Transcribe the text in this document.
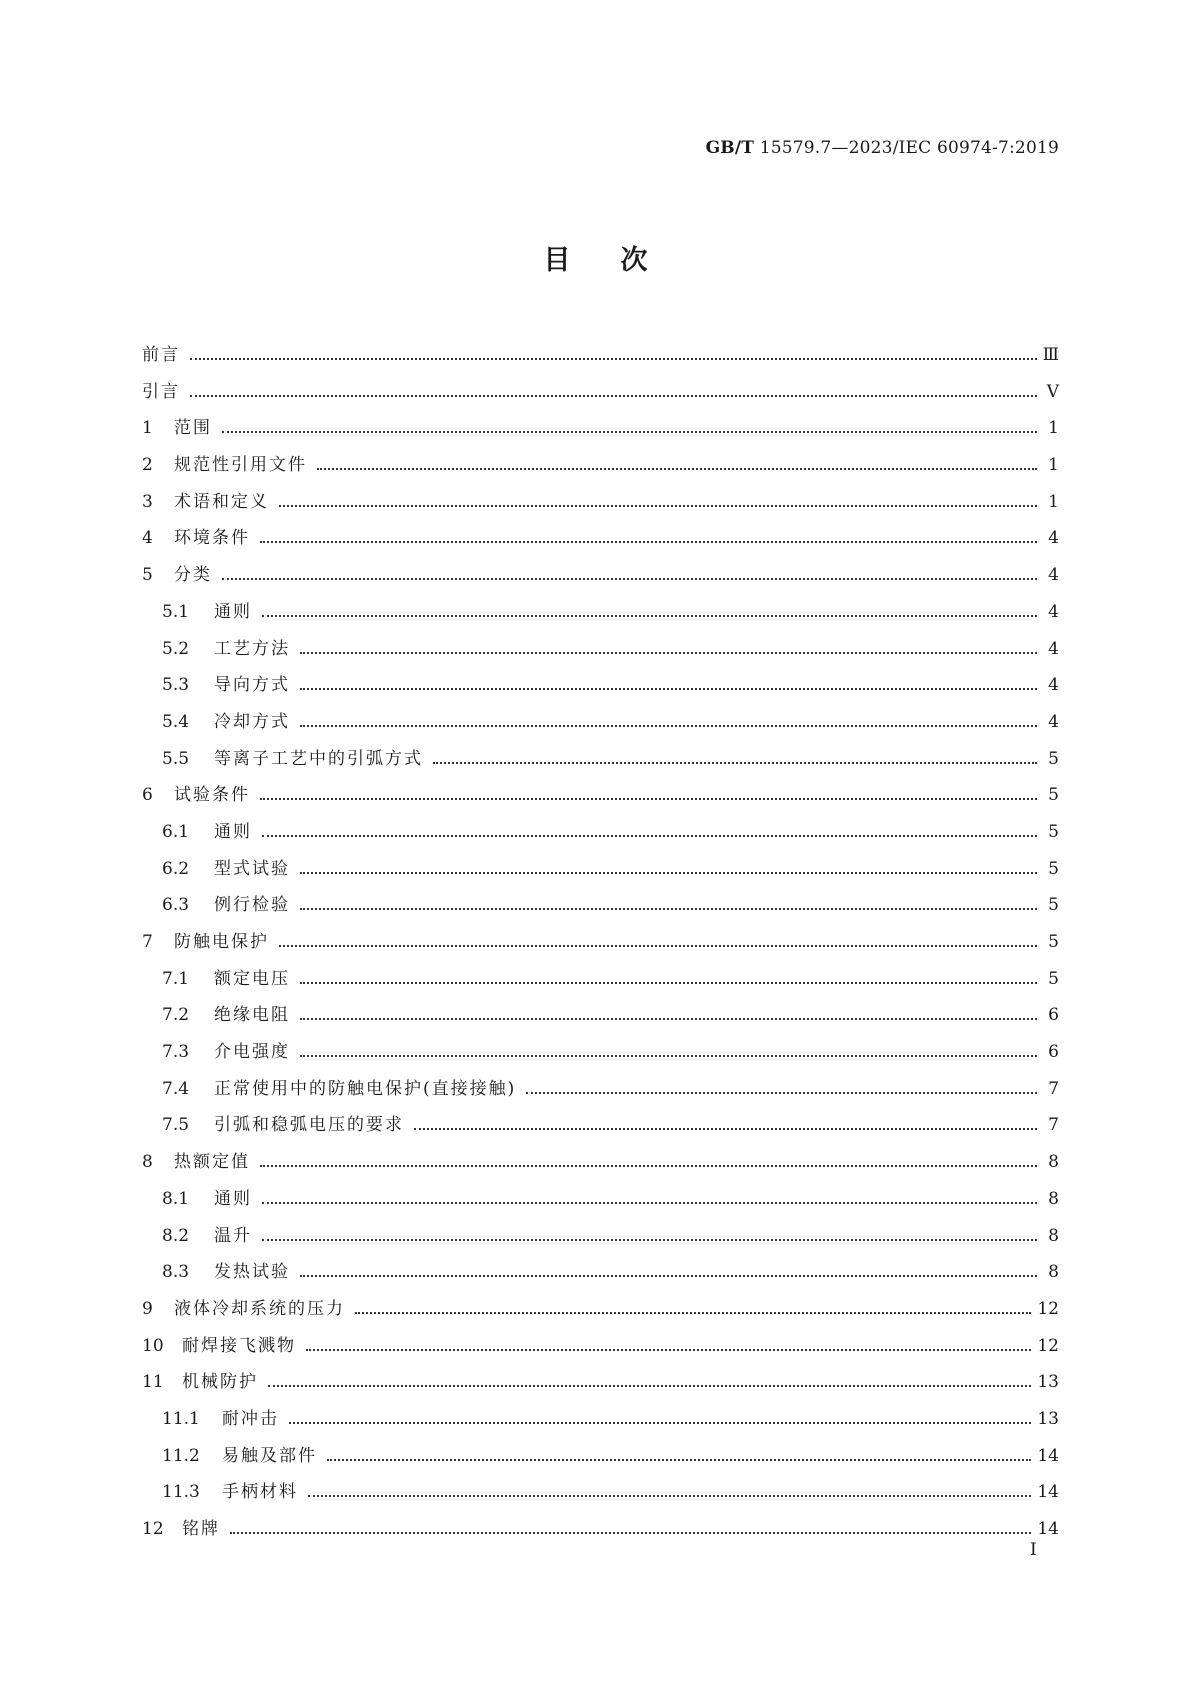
GB/T 15579.7—2023/IEC 60974-7:2019
目次
前言	Ⅲ
引言	Ⅴ
1	范围	1
2	规范性引用文件	1
3	术语和定义	1
4	环境条件	4
5	分类	4
5.1	通则	4
5.2	工艺方法	4
5.3	导向方式	4
5.4	冷却方式	4
5.5	等离子工艺中的引弧方式	5
6	试验条件	5
6.1	通则	5
6.2	型式试验	5
6.3	例行检验	5
7	防触电保护	5
7.1	额定电压	5
7.2	绝缘电阻	6
7.3	介电强度	6
7.4	正常使用中的防触电保护(直接接触)	7
7.5	引弧和稳弧电压的要求	7
8	热额定值	8
8.1	通则	8
8.2	温升	8
8.3	发热试验	8
9	液体冷却系统的压力	12
10	耐焊接飞溅物	12
11	机械防护	13
11.1	耐冲击	13
11.2	易触及部件	14
11.3	手柄材料	14
12	铭牌	14
Ⅰ
